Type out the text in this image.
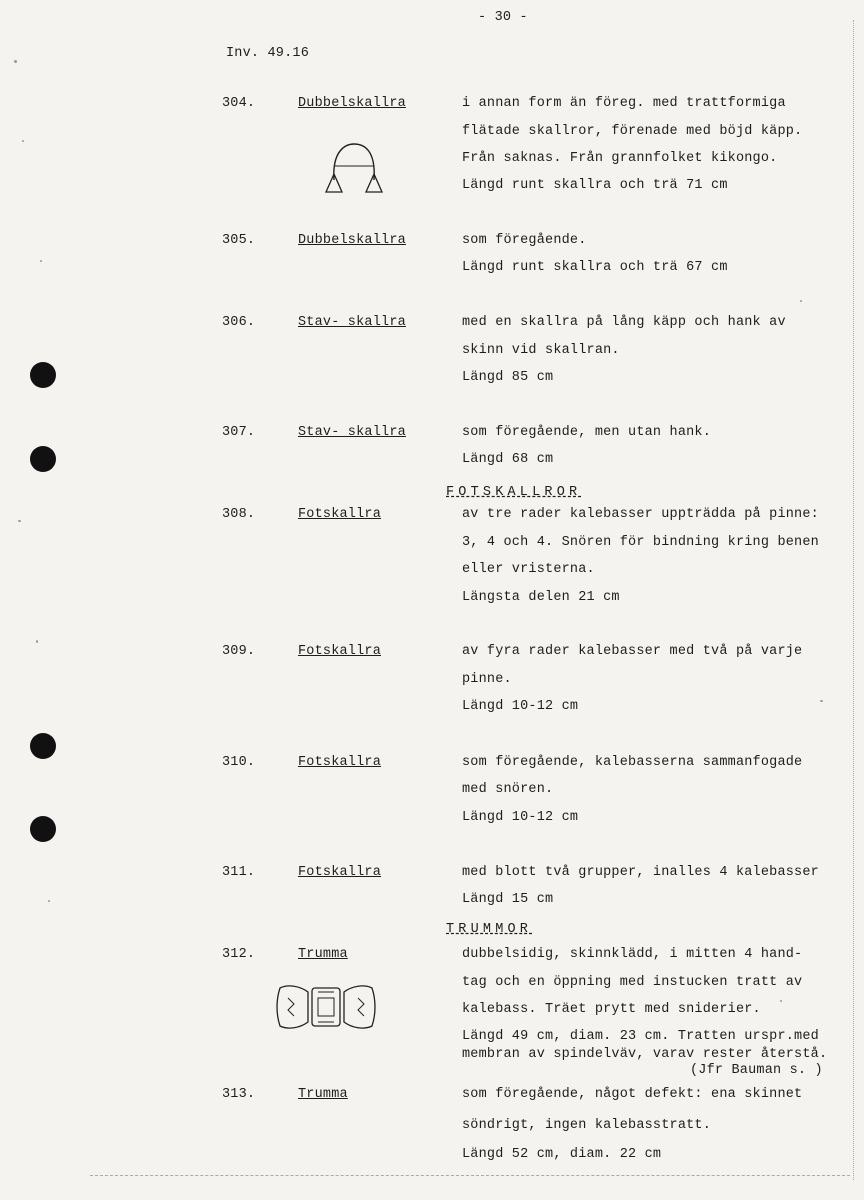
- 30 -
Inv. 49.16
304.	Dubbelskallra	i annan form än föreg. med trattformiga
flätade skallror, förenade med böjd käpp.
Från saknas. Från grannfolket kikongo.
Längd runt skallra och trä 71 cm
305.	Dubbelskallra	som föregående.
Längd runt skallra och trä 67 cm
306.	Stav- skallra	med en skallra på lång käpp och hank av
skinn vid skallran.
Längd 85 cm
307.	Stav- skallra	som föregående, men utan hank.
Längd 68 cm
FOTSKALLROR
308.	Fotskallra	av tre rader kalebasser uppträdda på pinne:
3, 4 och 4. Snören för bindning kring benen
eller vristerna.
Längsta delen 21 cm
309.	Fotskallra	av fyra rader kalebasser med två på varje
pinne.
Längd 10-12 cm
310.	Fotskallra	som föregående, kalebasserna sammanfogade
med snören.
Längd 10-12 cm
311.	Fotskallra	med blott två grupper, inalles 4 kalebasser
Längd 15 cm
TRUMMOR
312.	Trumma	dubbelsidig, skinnklädd, i mitten 4 hand-
tag och en öppning med instucken tratt av
kalebass. Träet prytt med sniderier.
Längd 49 cm, diam. 23 cm. Tratten urspr.med
membran av spindelväv, varav rester återstå.
(Jfr Bauman s. )
313.	Trumma	som föregående, något defekt: ena skinnet
söndrigt, ingen kalebasstratt.
Längd 52 cm, diam. 22 cm
